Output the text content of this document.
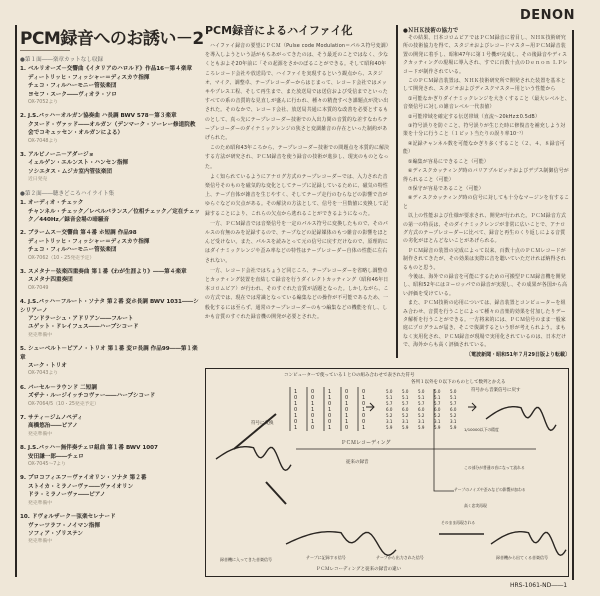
PCM録音へのお誘い－2
●第１面――楽章カットなし収録
1. ベルリオーズ－交響曲《イタリアのハロルド》作品16－第４楽章
ディートリッヒ・フィッシャー＝ディスカウ指揮
チェコ・フィルハーモニー管弦楽団
ヨセフ・スーク――ヴィオラ・ソロ
OX-7052より
2. J.S.バッハ－オルガン協奏曲 ハ長調 BWV 578－第３楽章
クヌード・ヴァッド――オルガン（デンマーク・ソーレー修道院教会でコキュッセン・オルガンによる）
OX-7048より
3. アルビノーニ－アダージョ
イェルゲン・エルンスト・ハンセン指揮
ソシエタス・ムジカ室内管弦楽団
近日発売
●第２面――聴きどころハイライト集
1. オーディオ・チェック
チャンネル・チェック／レベルバランス／位相チェック／定在チェック／440Hz／録音会場の暗騒音
2. ブラームス－交響曲 第４番 ホ短調 作品98
ディートリッヒ・フィッシャー＝ディスカウ指揮
チェコ・フィルハーモニー管弦楽団
OX-7062（10・25発売予定）
3. スメタナ－弦楽四重奏曲 第１番《わが生涯より》――第４楽章
スメタナ四重奏団
OX-7049
4. J.S.バッハ－フルート・ソナタ 第２番 変ホ長調 BWV 1031――シシリアーノ
アンドラーシュ・アドリアン――フルート
ユゲット・ドレイフュス――ハープシコード
発売準備中
5. シューベルト－ピアノ・トリオ 第１番 変ロ長調 作品99――第１楽章
スーク・トリオ
OX-7043より
6. パーセル－ラウンド 二短調
ズザナ・ルージイッチコヴァー――ハープシコード
OX-7064/5（10・25発売予定）
7. サティ－ジムノペディ
高橋悠治――ピアノ
発売準備中
8. J.S.バッハ－無伴奏チェロ組曲 第１番 BWV 1007
安田謙一郎――チェロ
OX-7045～7より
9. プロコフィエフ－ヴァイオリン・ソナタ 第２番
ストイカ・ミラノーヴァ――ヴァイオリン
ドラ・ミラノーヴァ――ピアノ
発売準備中
10. ドヴォルザーク－弦楽セレナード
ヴァーツラフ・ノイマン指揮
ソフィア・ゾリステン
発売準備中
PCM録音によるハイファイ化

ハイファイ録音の要望にＰＣＭ（Pulse code Modulation＝パルス符号変調）を導入しようという話がもちあがってきたのは、そう最近のことではなく、少なくともおよそ20年前に「その起源をさかのぼることができる。そして昭和40年ころレコード会社や放送局で、ハイファイを実現するという観点から、スタジオ、マイク、調整卓、テープレコーダーからはじまって、レコード会社ではメッキやプレス工程、そして再生まで、また放送局では送信および受信までといったすべての系の音質的な見直しが盛んに行われ、種々の精査すべき課題点が洗い出された。そのなかで、レコード会社、放送局共通に本質的な改善を必要とするものとして、真っ先にテープレコーダー技術での入出力間の音質的な差すなわちテープレコーダーのダイナミックレンジの狭さと変調雑音の存在といった制約があげられた。

このため昭和43年ころから、テープレコーダー技術での問題点を本質的に解決する方法が研究され、ＰＣＭ録音を使う録音の技術が進歩し、現実のものとなった。

よく知られているようにアナログ方式のテープレコーダーでは、入力された音楽信号そのものを磁気的な変化としてテープに記録しているために、磁気の特性上、テープ自体が雑音を生じやすく、そしてテープ走行のむらなどの影響で音がゆらぐなどの欠点がある。その解決の方法として、信号を一旦数値に変換して記録することにより、これらの欠点から逃れることができるようになった。

一方、ＰＣＭ録音では音楽信号を一定のパルス符号に変換したもので、そのパルスの有無のみを記録するので、テープなどの記録媒体のもつ雑音の影響をほとんど受けない。また、パルスを読みとって元の信号に戻すだけなので、原理的にはダイナミックレンジや歪み率などの特性はテープレコーダー自体の性能に左右されない。

一方、レコード会社ではちょうど同じころ、テープレコーダーを省略し調整卓とカッティング装置を直結して録音を行うダイレクトカッティング（昭和46年日本コロムビア）が行われ、そのすぐれた音質が話題となった。しかしながら、この方式では、現在では常識となっている編集などの操作が不可能であるため、一般化するには至らず、通常のテープレコーダーのもつ編集などの機能を有し、しかも音質のすぐれた録音機の開発が必要とされた。

DENON
●ＮＨＫ技術の協力で

その結果、日本コロムビアではＰＣＭ録音に着目し、ＮＨＫ技術研究所の技術協力を得て、スタジオおよびレコードマスター用ＰＣＭ録音装置の開発に着手し、昭和47年に第１号機が完成し、その後録音やディスクカッティングの現場に導入され、すでに百数十点のＤｅｎｏｎ ＬＰレコードが制作されている。

このＰＣＭ録音装置は、ＮＨＫ技術研究所で開発された装置を基本として開発され、スタジオおよびディスクマスター用という性能から

①可能なかぎりダイナミックレンジを大きくすること（最大レベルと、音楽信号に対しの雑音レベル一代表値）

②可能帯域を確定する伝送帯域（直流～20kHz±0.5dB）

③符号誤りを防ぐこと、符号誤りが生じた時に修復音を補充しよう対策を十分に行うこと（１ビット当たりの誤り率10⁻⁷）

④記録チャンネル数を可能なかぎり多くすること（２、４、８録音可能）

⑤編集が容易にできること（可能）

⑥ディスクカッティング時のバリアブルピッチおよびデプス制御信号が得られること（可能）

⑦保守が容易であること（可能）

⑧ディスクカッティング時の信号に対しても十分なマージンを有すること

以上の性能および仕様が要求され、開発が行われた。ＰＣＭ録音方式の第一の特長は、そのダイナミックレンジが非常に広いことで、アナログ方式のテープレコーダーに比べて、録音と再生のくり返しによる音質の劣化がほとんどないことがあげられる。

ＰＣＭ録音の装置の完成によって以来、百数十点のＰＣＭレコードが制作されてきたが、その効果は実際に音を聴いていただければ納得されるものと思う。

今後は、海外での録音を可能にするための可搬型ＰＣＭ録音機を開発し、昭和52年にはヨーロッパでの録音が実現し、その成果が各国から高い評価を受けている。

また、ＰＣＭ技術の応用については、録音装置とコンピューターを組み合わせ、音質を行うことによって種々の音楽的効果を付加したりデータ解析を行うことができる。一方将来的には、ＰＣＭ信号のまま一般家庭にプログラムが届き、そこで復調するという形が考えられよう。まもなく実用化され、ＰＣＭ録音が現場で実用化されているのは、日本だけで、海外からも高く評価されている。

〔電波新聞・昭和51年７月29日版より転載〕
コンピューターで使っている１とＯの組み合わせで表された符号
1
0
1
0
1
0
1
0
0
1
1
0
1
0
1
1
0
1
0
0
1
0
0
1
0
1
1
0
0
1
0
1
0
0
1
5.0 5.0 5.0 5.0 5.0
5.1 5.1 5.1 5.1 5.1
5.7 5.7 5.7 5.7 5.7
6.0 6.0 6.0 6.0 6.0
5.2 5.2 5.2 5.2 5.2
3.1 3.1 3.1 3.1 3.1
5.9 5.9 5.9 5.9 5.9
各列１以外を０以下のものとして数列とかえる
符号から音楽信号に戻す
符号に変換
ＰＣＭレコーディング
従来の録音
テープのノイズや歪みなどの影響が加わる
1/10000以下の精度
この部分が普通の音になって流れる
高く忠実再現
そのまま再現される
録音機に入ってきた音楽信号	テープに記録する信号	テープから出力された信号	録音機から出てくる音楽信号
ＰＣＭレコーディングと従来の録音の違い
HRS-1061-ND――1
